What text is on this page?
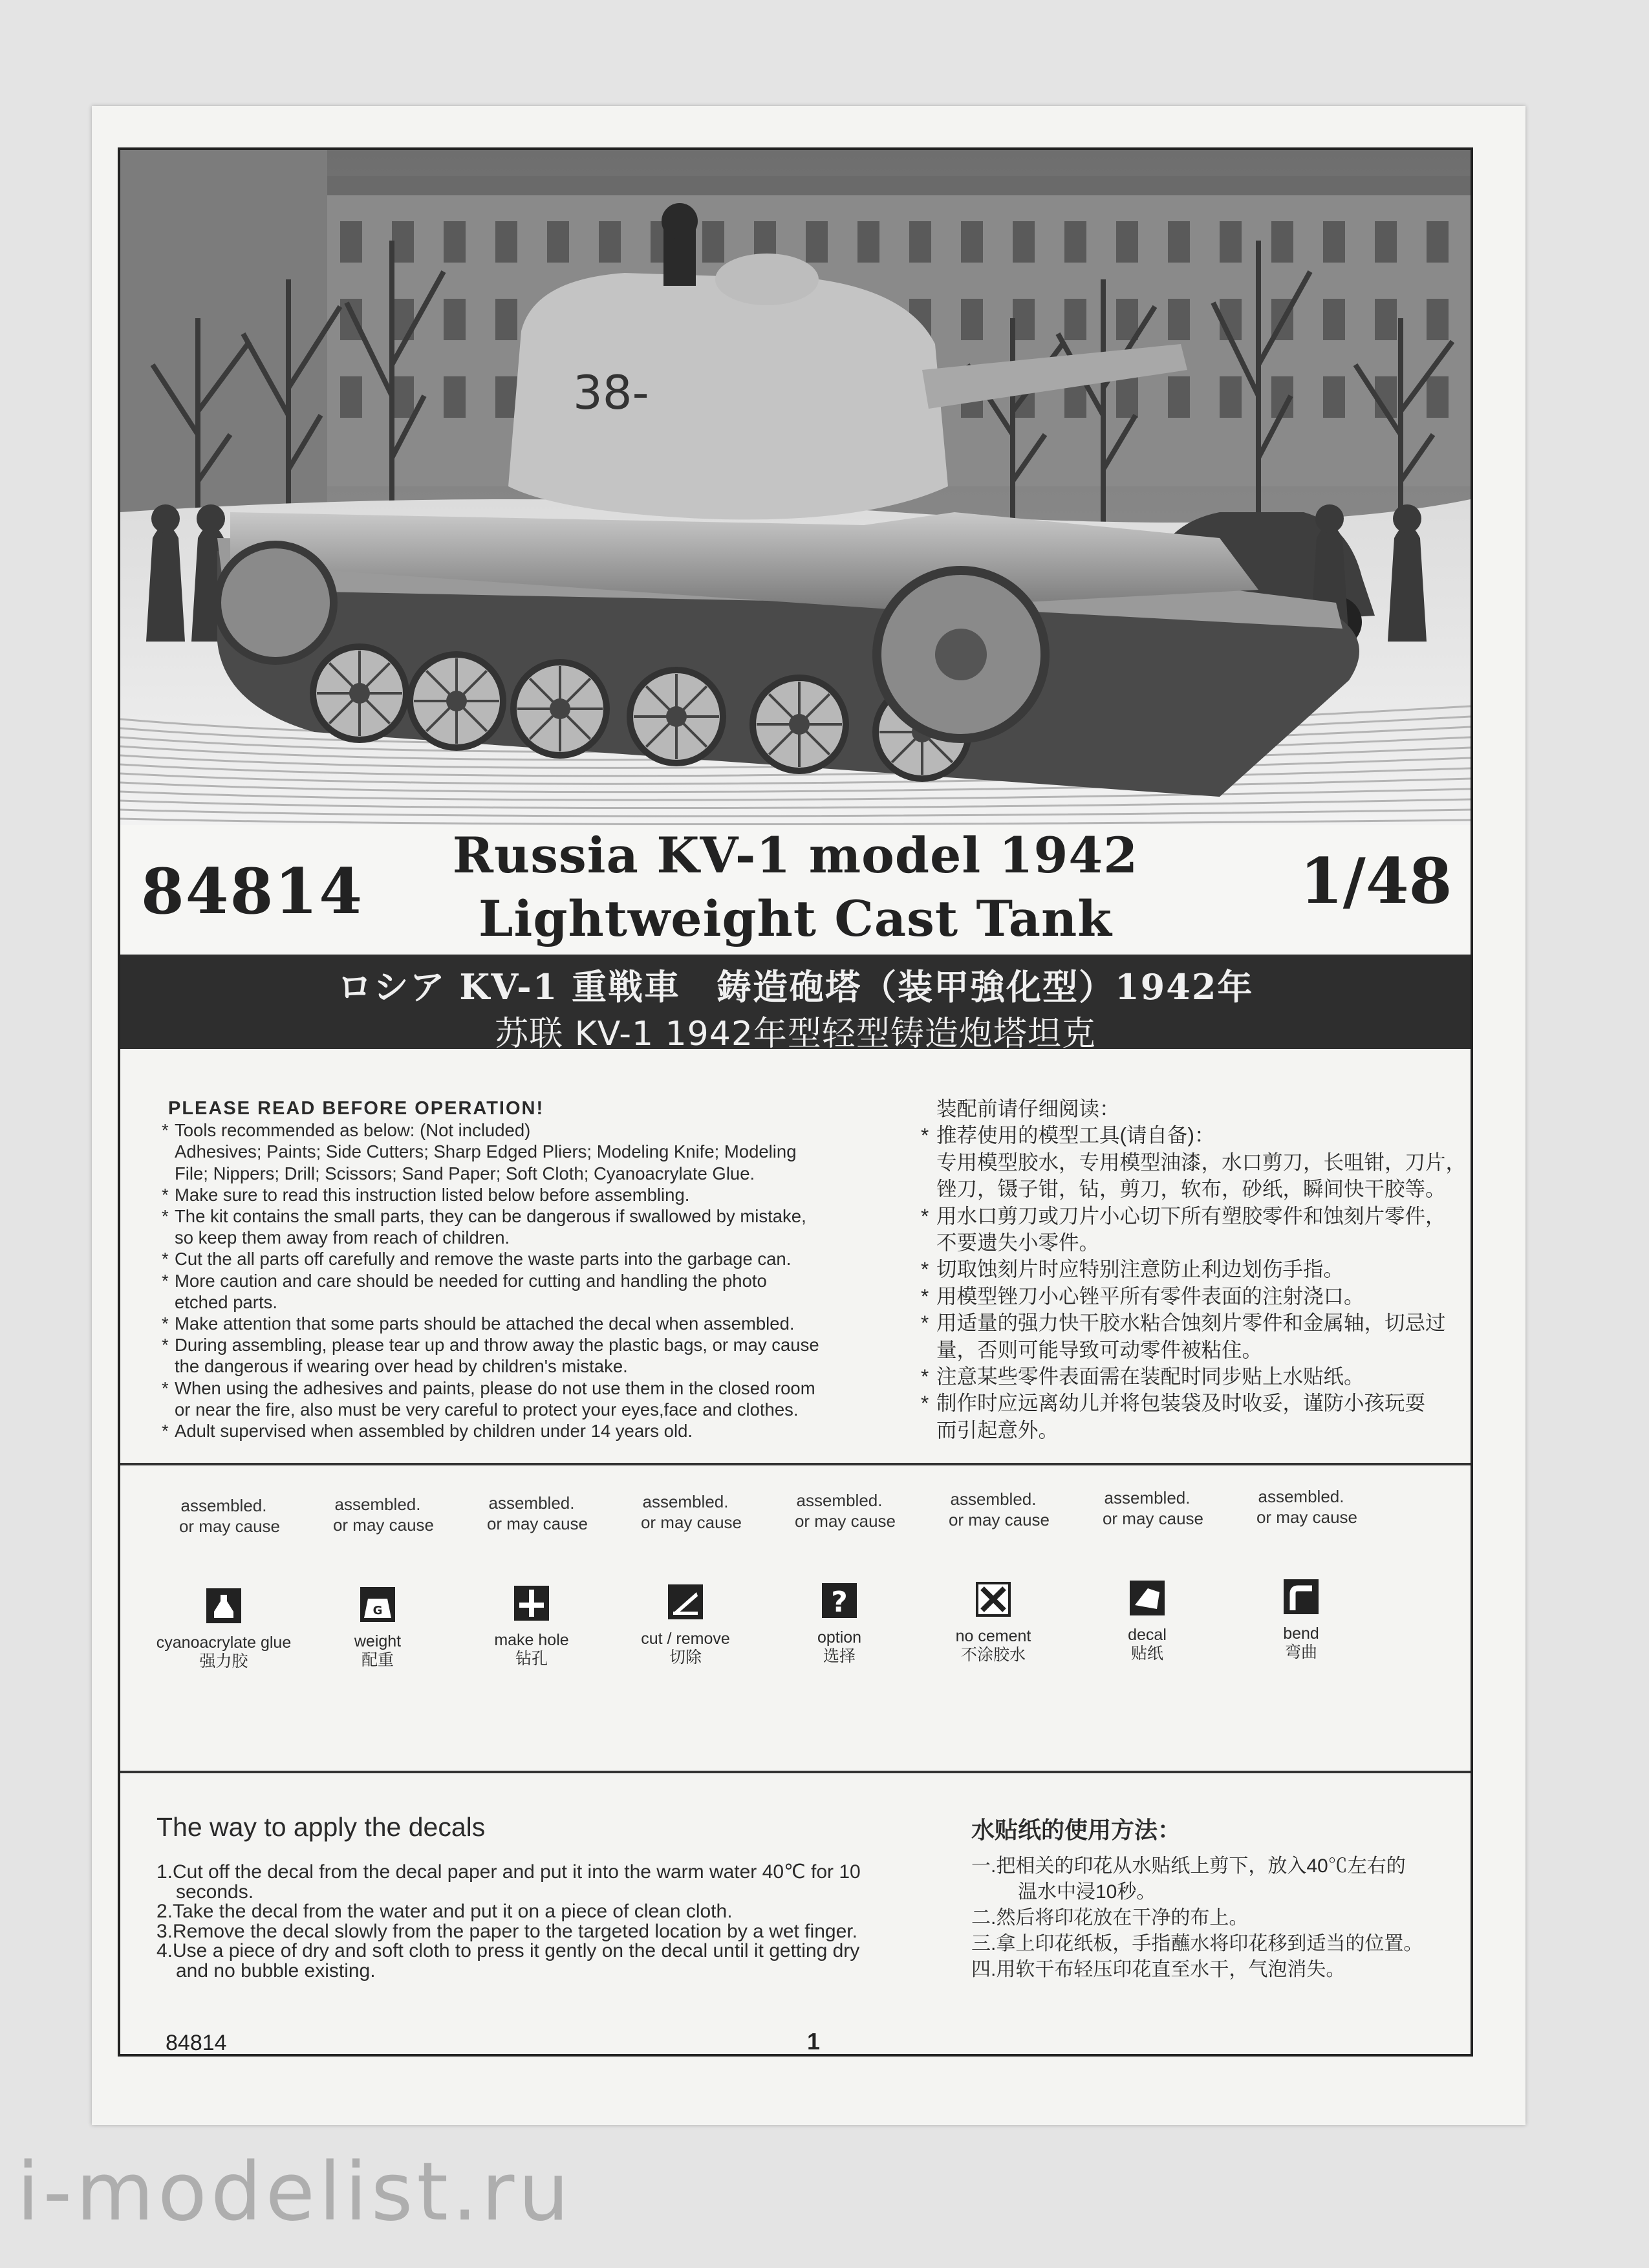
38-
84814	Russia KV-1 model 1942
Lightweight Cast Tank
1/48
ロシア KV-1 重戦車　鋳造砲塔（装甲強化型）1942年
苏联 KV-1 1942年型轻型铸造炮塔坦克
PLEASE READ BEFORE OPERATION!
* Tools recommended as below: (Not included)
Adhesives; Paints; Side Cutters; Sharp Edged Pliers; Modeling Knife; Modeling
File; Nippers; Drill; Scissors; Sand Paper; Soft Cloth; Cyanoacrylate Glue.
* Make sure to read this instruction listed below before assembling.
* The kit contains the small parts, they can be dangerous if swallowed by mistake,
so keep them away from reach of children.
* Cut the all parts off carefully and remove the waste parts into the garbage can.
* More caution and care should be needed for cutting and handling the photo
etched parts.
* Make attention that some parts should be attached the decal when assembled.
* During assembling, please tear up and throw away the plastic bags, or may cause
the dangerous if wearing over head by children's mistake.
* When using the adhesives and paints, please do not use them in the closed room
or near the fire, also must be very careful to protect your eyes,face and clothes.
* Adult supervised when assembled by children under 14 years old.
装配前请仔细阅读：
* 推荐使用的模型工具(请自备)：
专用模型胶水，专用模型油漆，水口剪刀，长咀钳，刀片，
锉刀，镊子钳，钻，剪刀，软布，砂纸，瞬间快干胶等。
* 用水口剪刀或刀片小心切下所有塑胶零件和蚀刻片零件，
不要遗失小零件。
* 切取蚀刻片时应特别注意防止利边划伤手指。
* 用模型锉刀小心锉平所有零件表面的注射浇口。
* 用适量的强力快干胶水粘合蚀刻片零件和金属轴，切忌过
量，否则可能导致可动零件被粘住。
* 注意某些零件表面需在装配时同步贴上水贴纸。
* 制作时应远离幼儿并将包装袋及时收妥，谨防小孩玩耍
而引起意外。
assembled.
or may cause
assembled.
or may cause
assembled.
or may cause
assembled.
or may cause
assembled.
or may cause
assembled.
or may cause
assembled.
or may cause
assembled.
or may cause
cyanoacrylate glue
强力胶
G
weight
配重
make hole
钻孔
cut / remove
切除
?
option
选择
no cement
不涂胶水
decal
贴纸
bend
弯曲
The way to apply the decals
1.Cut off the decal from the decal paper and put it into the warm water 40℃ for 10
seconds.
2.Take the decal from the water and put it on a piece of clean cloth.
3.Remove the decal slowly from the paper to the targeted location by a wet finger.
4.Use a piece of dry and soft cloth to press it gently on the decal until it getting dry
and no bubble existing.
水贴纸的使用方法：
一.把相关的印花从水贴纸上剪下，放入40℃左右的
温水中浸10秒。
二.然后将印花放在干净的布上。
三.拿上印花纸板，手指蘸水将印花移到适当的位置。
四.用软干布轻压印花直至水干，气泡消失。
84814	1
i-modelist.ru
